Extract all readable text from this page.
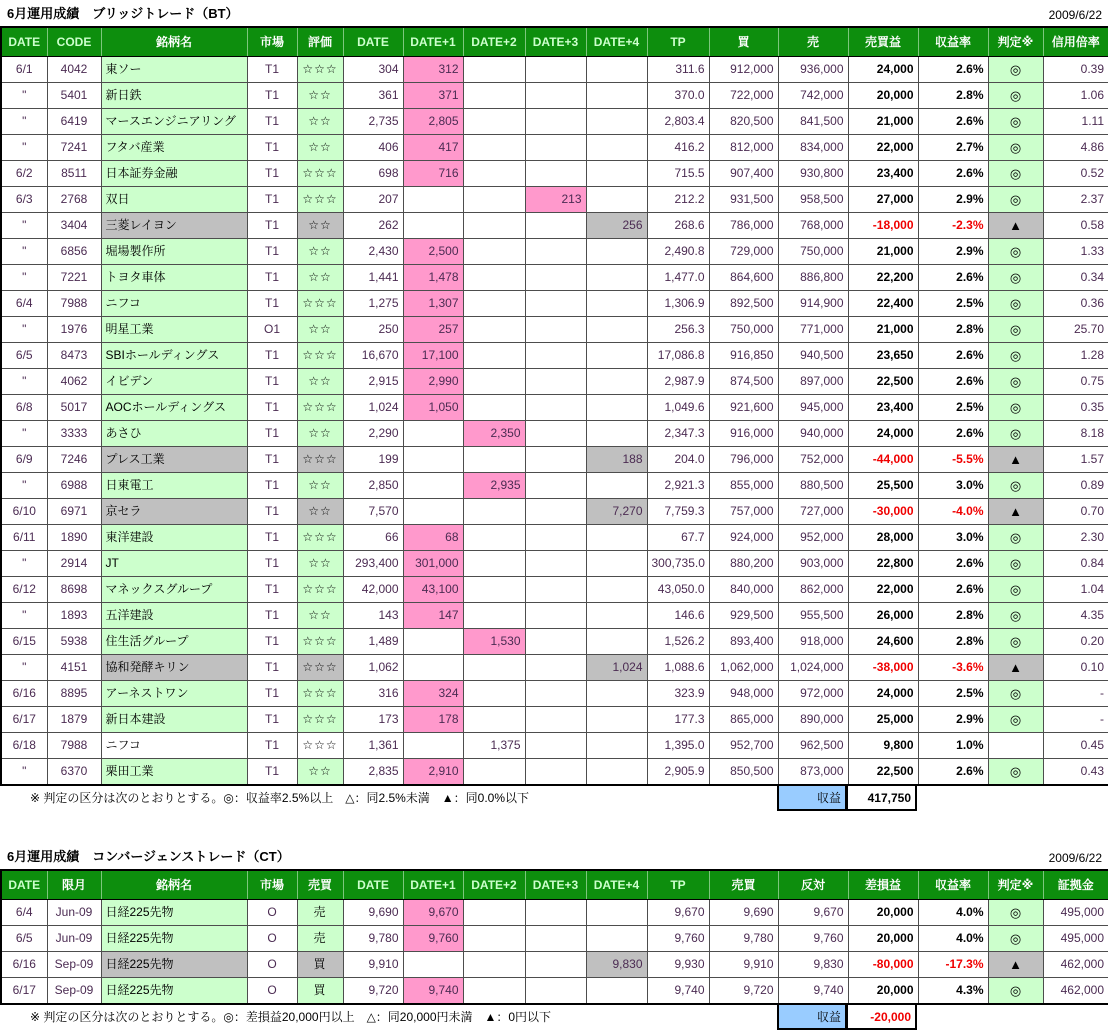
6月運用成績　ブリッジトレード（BT）	2009/6/22
DATE	CODE	銘柄名	市場	評価	DATE	DATE+1	DATE+2	DATE+3	DATE+4	TP	買	売	売買益	収益率	判定※	信用倍率
6/1	4042	東ソー	T1	☆☆☆	304	312				311.6	912,000	936,000	24,000	2.6%	◎	0.39
"	5401	新日鉄	T1	☆☆	361	371				370.0	722,000	742,000	20,000	2.8%	◎	1.06
"	6419	マースエンジニアリング	T1	☆☆	2,735	2,805				2,803.4	820,500	841,500	21,000	2.6%	◎	1.11
"	7241	フタバ産業	T1	☆☆	406	417				416.2	812,000	834,000	22,000	2.7%	◎	4.86
6/2	8511	日本証券金融	T1	☆☆☆	698	716				715.5	907,400	930,800	23,400	2.6%	◎	0.52
6/3	2768	双日	T1	☆☆☆	207			213		212.2	931,500	958,500	27,000	2.9%	◎	2.37
"	3404	三菱レイヨン	T1	☆☆	262				256	268.6	786,000	768,000	-18,000	-2.3%	▲	0.58
"	6856	堀場製作所	T1	☆☆	2,430	2,500				2,490.8	729,000	750,000	21,000	2.9%	◎	1.33
"	7221	トヨタ車体	T1	☆☆	1,441	1,478				1,477.0	864,600	886,800	22,200	2.6%	◎	0.34
6/4	7988	ニフコ	T1	☆☆☆	1,275	1,307				1,306.9	892,500	914,900	22,400	2.5%	◎	0.36
"	1976	明星工業	O1	☆☆	250	257				256.3	750,000	771,000	21,000	2.8%	◎	25.70
6/5	8473	SBIホールディングス	T1	☆☆☆	16,670	17,100				17,086.8	916,850	940,500	23,650	2.6%	◎	1.28
"	4062	イビデン	T1	☆☆	2,915	2,990				2,987.9	874,500	897,000	22,500	2.6%	◎	0.75
6/8	5017	AOCホールディングス	T1	☆☆☆	1,024	1,050				1,049.6	921,600	945,000	23,400	2.5%	◎	0.35
"	3333	あさひ	T1	☆☆	2,290		2,350			2,347.3	916,000	940,000	24,000	2.6%	◎	8.18
6/9	7246	プレス工業	T1	☆☆☆	199				188	204.0	796,000	752,000	-44,000	-5.5%	▲	1.57
"	6988	日東電工	T1	☆☆	2,850		2,935			2,921.3	855,000	880,500	25,500	3.0%	◎	0.89
6/10	6971	京セラ	T1	☆☆	7,570				7,270	7,759.3	757,000	727,000	-30,000	-4.0%	▲	0.70
6/11	1890	東洋建設	T1	☆☆☆	66	68				67.7	924,000	952,000	28,000	3.0%	◎	2.30
"	2914	JT	T1	☆☆	293,400	301,000				300,735.0	880,200	903,000	22,800	2.6%	◎	0.84
6/12	8698	マネックスグループ	T1	☆☆☆	42,000	43,100				43,050.0	840,000	862,000	22,000	2.6%	◎	1.04
"	1893	五洋建設	T1	☆☆	143	147				146.6	929,500	955,500	26,000	2.8%	◎	4.35
6/15	5938	住生活グループ	T1	☆☆☆	1,489		1,530			1,526.2	893,400	918,000	24,600	2.8%	◎	0.20
"	4151	協和発酵キリン	T1	☆☆☆	1,062				1,024	1,088.6	1,062,000	1,024,000	-38,000	-3.6%	▲	0.10
6/16	8895	アーネストワン	T1	☆☆☆	316	324				323.9	948,000	972,000	24,000	2.5%	◎	-
6/17	1879	新日本建設	T1	☆☆☆	173	178				177.3	865,000	890,000	25,000	2.9%	◎	-
6/18	7988	ニフコ	T1	☆☆☆	1,361		1,375			1,395.0	952,700	962,500	9,800	1.0%		0.45
"	6370	栗田工業	T1	☆☆	2,835	2,910				2,905.9	850,500	873,000	22,500	2.6%	◎	0.43
※ 判定の区分は次のとおりとする。◎：収益率2.5%以上　△：同2.5%未満　▲：同0.0%以下	収益	417,750
6月運用成績　コンバージェンストレード（CT）	2009/6/22
DATE	限月	銘柄名	市場	売買	DATE	DATE+1	DATE+2	DATE+3	DATE+4	TP	売買	反対	差損益	収益率	判定※	証拠金
6/4	Jun-09	日経225先物	O	売	9,690	9,670				9,670	9,690	9,670	20,000	4.0%	◎	495,000
6/5	Jun-09	日経225先物	O	売	9,780	9,760				9,760	9,780	9,760	20,000	4.0%	◎	495,000
6/16	Sep-09	日経225先物	O	買	9,910				9,830	9,930	9,910	9,830	-80,000	-17.3%	▲	462,000
6/17	Sep-09	日経225先物	O	買	9,720	9,740				9,740	9,720	9,740	20,000	4.3%	◎	462,000
※ 判定の区分は次のとおりとする。◎：差損益20,000円以上　△：同20,000円未満　▲：0円以下	収益	-20,000
